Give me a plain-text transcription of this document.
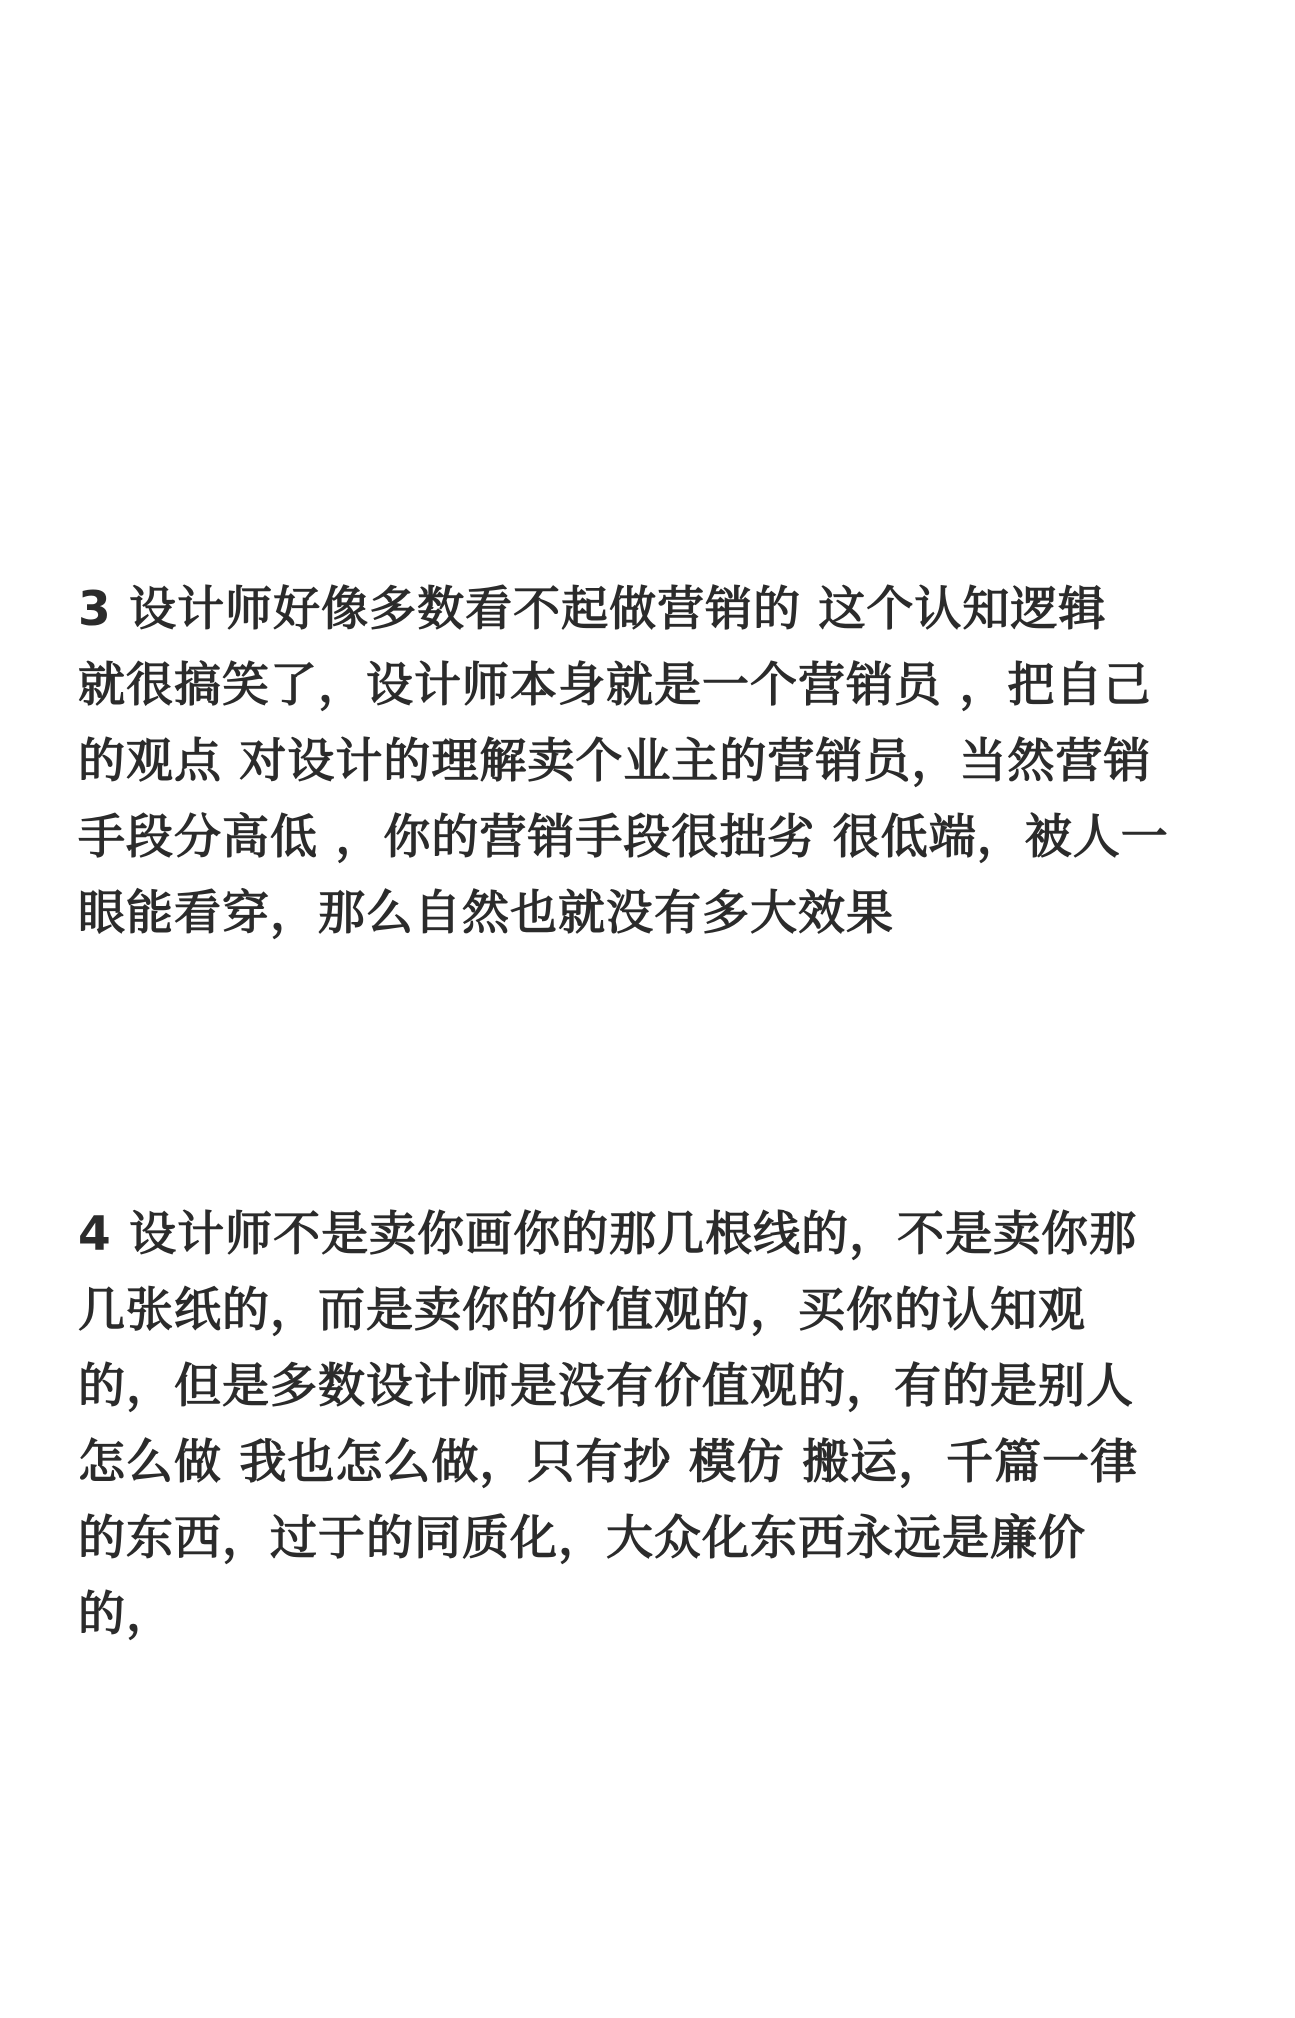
3 设计师好像多数看不起做营销的 这个认知逻辑
就很搞笑了，设计师本身就是一个营销员 ，把自己
的观点 对设计的理解卖个业主的营销员，当然营销
手段分高低 ，你的营销手段很拙劣 很低端，被人一
眼能看穿，那么自然也就没有多大效果
4 设计师不是卖你画你的那几根线的，不是卖你那
几张纸的，而是卖你的价值观的，买你的认知观
的，但是多数设计师是没有价值观的，有的是别人
怎么做 我也怎么做，只有抄 模仿 搬运，千篇一律
的东西，过于的同质化，大众化东西永远是廉价
的，
